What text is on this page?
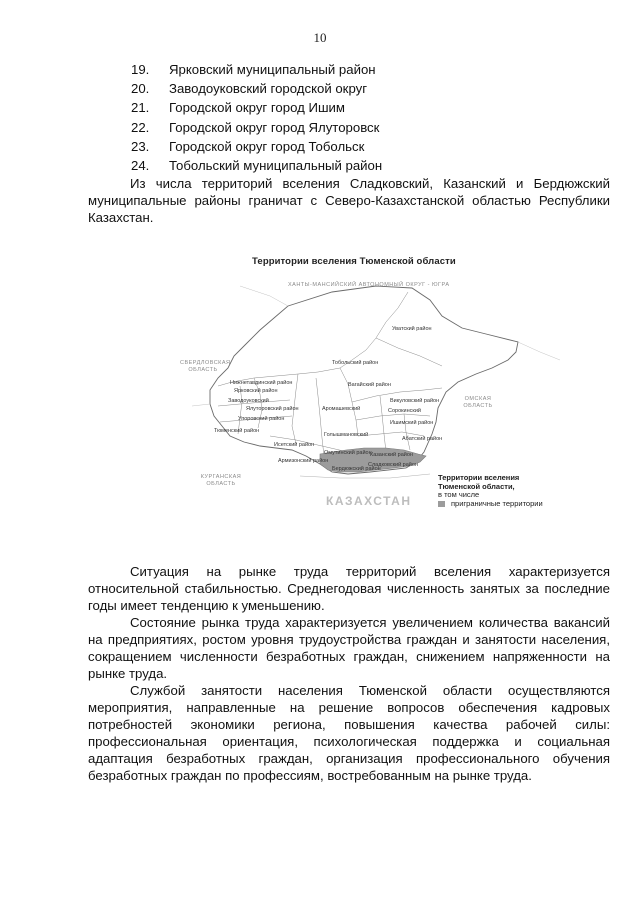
10
19.	Ярковский муниципальный район
20.	Заводоуковский городской округ
21.	Городской округ город Ишим
22.	Городской округ город Ялуторовск
23.	Городской округ город Тобольск
24.	Тобольский муниципальный район

Из числа территорий вселения Сладковский, Казанский и Бердюжский муниципальные районы граничат с Северо-Казахстанской областью Республики Казахстан.

Территории вселения Тюменской области
ХАНТЫ-МАНСИЙСКИЙ АВТОНОМНЫЙ ОКРУГ - ЮГРА
СВЕРДЛОВСКАЯ ОБЛАСТЬ
ОМСКАЯ ОБЛАСТЬ
КУРГАНСКАЯ ОБЛАСТЬ
КАЗАХСТАН
Уватский район
Тобольский район
Вагайский район
Ярковский район
Нижнетавдинский район
Тюменский район
Ялуторовский район
Упоровский район
Заводоуковский
Армизонский район
Исетский район
Аромашевский
Голышмановский
Ишимский район
Викуловский район
Сорокинский
Абатский район
Омутинский район
Казанский район
Бердюжский район
Сладковский район
Территории вселения
Тюменской области,
в том числе
приграничные территории

Ситуация на рынке труда территорий вселения характеризуется относительной стабильностью. Среднегодовая численность занятых за последние годы имеет тенденцию к уменьшению.

Состояние рынка труда характеризуется увеличением количества вакансий на предприятиях, ростом уровня трудоустройства граждан и занятости населения, сокращением численности безработных граждан, снижением напряженности на рынке труда.

Службой занятости населения Тюменской области осуществляются мероприятия, направленные на решение вопросов обеспечения кадровых потребностей экономики региона, повышения качества рабочей силы: профессиональная ориентация, психологическая поддержка и социальная адаптация безработных граждан, организация профессионального обучения безработных граждан по профессиям, востребованным на рынке труда.
